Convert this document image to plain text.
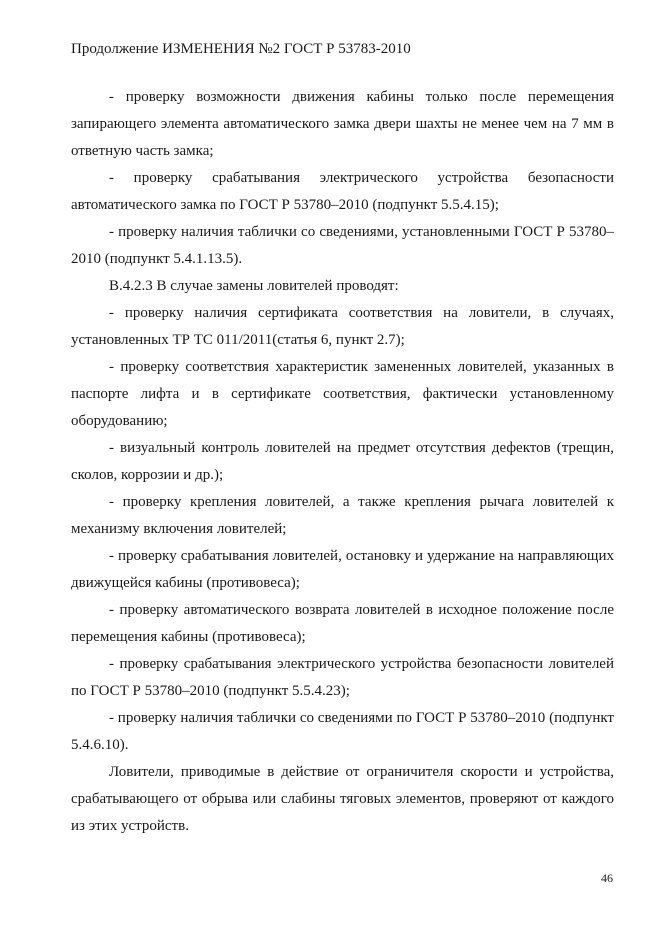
Продолжение ИЗМЕНЕНИЯ №2 ГОСТ Р 53783-2010

- проверку возможности движения кабины только после перемещения запирающего элемента автоматического замка двери шахты не менее чем на 7 мм в ответную часть замка;

- проверку срабатывания электрического устройства безопасности автоматического замка по ГОСТ Р 53780–2010 (подпункт 5.5.4.15);

- проверку наличия таблички со сведениями, установленными ГОСТ Р 53780–2010 (подпункт 5.4.1.13.5).

В.4.2.3 В случае замены ловителей проводят:

- проверку наличия сертификата соответствия на ловители, в случаях, установленных ТР ТС 011/2011(статья 6, пункт 2.7);

- проверку соответствия характеристик замененных ловителей, указанных в паспорте лифта и в сертификате соответствия, фактически установленному оборудованию;

- визуальный контроль ловителей на предмет отсутствия дефектов (трещин, сколов, коррозии и др.);

- проверку крепления ловителей, а также крепления рычага ловителей к механизму включения ловителей;

- проверку срабатывания ловителей, остановку и удержание на направляющих движущейся кабины (противовеса);

- проверку автоматического возврата ловителей в исходное положение после перемещения кабины (противовеса);

- проверку срабатывания электрического устройства безопасности ловителей по ГОСТ Р 53780–2010 (подпункт 5.5.4.23);

- проверку наличия таблички со сведениями по ГОСТ Р 53780–2010 (подпункт 5.4.6.10).

Ловители, приводимые в действие от ограничителя скорости и устройства, срабатывающего от обрыва или слабины тяговых элементов, проверяют от каждого из этих устройств.

46
